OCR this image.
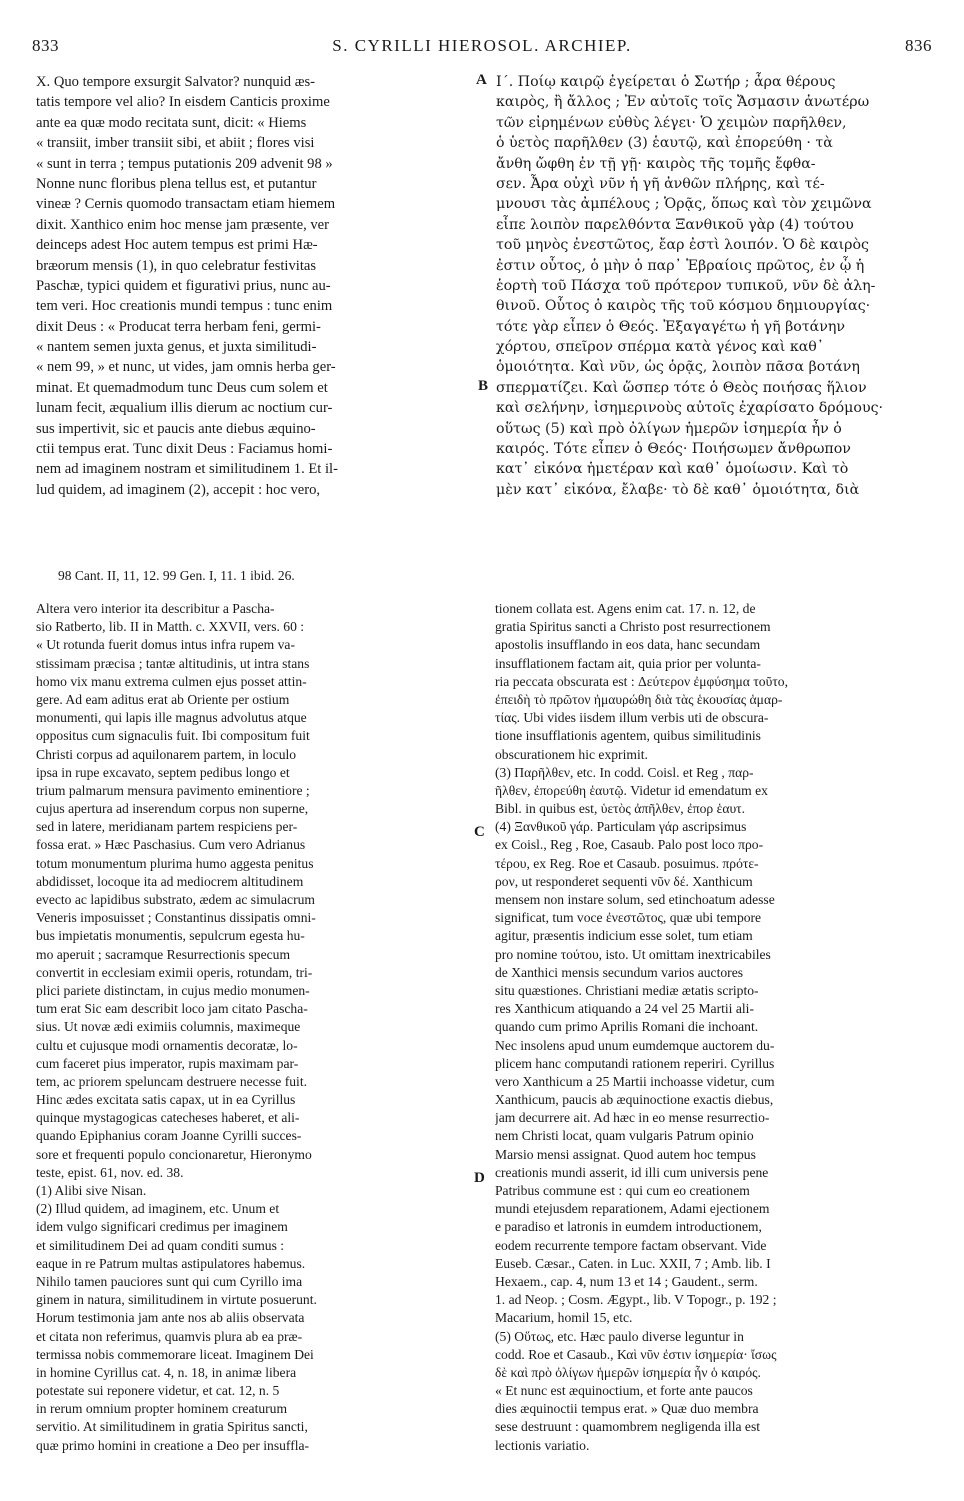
833	S. CYRILLI HIEROSOL. ARCHIEP.	836
A
B
C
D
X. Quo tempore exsurgit Salvator? nunquid æs-
tatis tempore vel alio? In eisdem Canticis proxime
ante ea quæ modo recitata sunt, dicit: « Hiems
« transiit, imber transiit sibi, et abiit ; flores visi
« sunt in terra ; tempus putationis 209 advenit 98 »
Nonne nunc floribus plena tellus est, et putantur
vineæ ? Cernis quomodo transactam etiam hiemem
dixit. Xanthico enim hoc mense jam præsente, ver
deinceps adest Hoc autem tempus est primi Hæ-
bræorum mensis (1), in quo celebratur festivitas
Paschæ, typici quidem et figurativi prius, nunc au-
tem veri. Hoc creationis mundi tempus : tunc enim
dixit Deus : « Producat terra herbam feni, germi-
« nantem semen juxta genus, et juxta similitudi-
« nem 99, » et nunc, ut vides, jam omnis herba ger-
minat. Et quemadmodum tunc Deus cum solem et
lunam fecit, æqualium illis dierum ac noctium cur-
sus impertivit, sic et paucis ante diebus æquino-
ctii tempus erat. Tunc dixit Deus : Faciamus homi-
nem ad imaginem nostram et similitudinem 1. Et il-
lud quidem, ad imaginem (2), accepit : hoc vero,
Ι΄. Ποίῳ καιρῷ ἐγείρεται ὁ Σωτήρ ; ἆρα θέρους
καιρὸς, ἢ ἄλλος ; Ἐν αὐτοῖς τοῖς Ἄσμασιν ἀνωτέρω
τῶν εἰρημένων εὐθὺς λέγει· Ὁ χειμὼν παρῆλθεν,
ὁ ὑετὸς παρῆλθεν (3) ἑαυτῷ, καὶ ἐπορεύθη · τὰ
ἄνθη ὤφθη ἐν τῇ γῇ· καιρὸς τῆς τομῆς ἔφθα-
σεν. Ἆρα οὐχὶ νῦν ἡ γῆ ἀνθῶν πλήρης, καὶ τέ-
μνουσι τὰς ἀμπέλους ; Ὁρᾷς, ὅπως καὶ τὸν χειμῶνα
εἶπε λοιπὸν παρελθόντα Ξανθικοῦ γὰρ (4) τούτου
τοῦ μηνὸς ἐνεστῶτος, ἔαρ ἐστὶ λοιπόν. Ὁ δὲ καιρὸς
ἐστιν οὗτος, ὁ μὴν ὁ παρ᾽ Ἑβραίοις πρῶτος, ἐν ᾧ ἡ
ἑορτὴ τοῦ Πάσχα τοῦ πρότερον τυπικοῦ, νῦν δὲ ἀλη-
θινοῦ. Οὗτος ὁ καιρὸς τῆς τοῦ κόσμου δημιουργίας·
τότε γὰρ εἶπεν ὁ Θεός. Ἐξαγαγέτω ἡ γῆ βοτάνην
χόρτου, σπεῖρον σπέρμα κατὰ γένος καὶ καθ᾽
ὁμοιότητα. Καὶ νῦν, ὡς ὁρᾷς, λοιπὸν πᾶσα βοτάνη
σπερματίζει. Καὶ ὥσπερ τότε ὁ Θεὸς ποιήσας ἥλιον
καὶ σελήνην, ἰσημερινοὺς αὐτοῖς ἐχαρίσατο δρόμους·
οὕτως (5) καὶ πρὸ ὀλίγων ἡμερῶν ἰσημερία ἦν ὁ
καιρός. Τότε εἶπεν ὁ Θεός· Ποιήσωμεν ἄνθρωπον
κατ᾽ εἰκόνα ἡμετέραν καὶ καθ᾽ ὁμοίωσιν. Καὶ τὸ
μὲν κατ᾽ εἰκόνα, ἔλαβε· τὸ δὲ καθ᾽ ὁμοιότητα, διὰ
98 Cant. II, 11, 12. 99 Gen. I, 11. 1 ibid. 26.
Altera vero interior ita describitur a Pascha-
sio Ratberto, lib. II in Matth. c. XXVII, vers. 60 :
« Ut rotunda fuerit domus intus infra rupem va-
stissimam præcisa ; tantæ altitudinis, ut intra stans
homo vix manu extrema culmen ejus posset attin-
gere. Ad eam aditus erat ab Oriente per ostium
monumenti, qui lapis ille magnus advolutus atque
oppositus cum signaculis fuit. Ibi compositum fuit
Christi corpus ad aquilonarem partem, in loculo
ipsa in rupe excavato, septem pedibus longo et
trium palmarum mensura pavimento eminentiore ;
cujus apertura ad inserendum corpus non superne,
sed in latere, meridianam partem respiciens per-
fossa erat. » Hæc Paschasius. Cum vero Adrianus
totum monumentum plurima humo aggesta penitus
abdidisset, locoque ita ad mediocrem altitudinem
evecto ac lapidibus substrato, ædem ac simulacrum
Veneris imposuisset ; Constantinus dissipatis omni-
bus impietatis monumentis, sepulcrum egesta hu-
mo aperuit ; sacramque Resurrectionis specum
convertit in ecclesiam eximii operis, rotundam, tri-
plici pariete distinctam, in cujus medio monumen-
tum erat Sic eam describit loco jam citato Pascha-
sius. Ut novæ ædi eximiis columnis, maximeque
cultu et cujusque modi ornamentis decoratæ, lo-
cum faceret pius imperator, rupis maximam par-
tem, ac priorem speluncam destruere necesse fuit.
Hinc ædes excitata satis capax, ut in ea Cyrillus
quinque mystagogicas catecheses haberet, et ali-
quando Epiphanius coram Joanne Cyrilli succes-
sore et frequenti populo concionaretur, Hieronymo
teste, epist. 61, nov. ed. 38.
(1) Alibi sive Nisan.
(2) Illud quidem, ad imaginem, etc. Unum et
idem vulgo significari credimus per imaginem
et similitudinem Dei ad quam conditi sumus :
eaque in re Patrum multas astipulatores habemus.
Nihilo tamen pauciores sunt qui cum Cyrillo ima
ginem in natura, similitudinem in virtute posuerunt.
Horum testimonia jam ante nos ab aliis observata
et citata non referimus, quamvis plura ab ea præ-
termissa nobis commemorare liceat. Imaginem Dei
in homine Cyrillus cat. 4, n. 18, in animæ libera
potestate sui reponere videtur, et cat. 12, n. 5
in rerum omnium propter hominem creaturum
servitio. At similitudinem in gratia Spiritus sancti,
quæ primo homini in creatione a Deo per insuffla-
tionem collata est. Agens enim cat. 17. n. 12, de
gratia Spiritus sancti a Christo post resurrectionem
apostolis insufflando in eos data, hanc secundam
insufflationem factam ait, quia prior per volunta-
ria peccata obscurata est : Δεύτερον ἐμφύσημα τοῦτο,
ἐπειδὴ τὸ πρῶτον ἠμαυρώθη διὰ τὰς ἑκουσίας ἁμαρ-
τίας. Ubi vides iisdem illum verbis uti de obscura-
tione insufflationis agentem, quibus similitudinis
obscurationem hic exprimit.
(3) Παρῆλθεν, etc. In codd. Coisl. et Reg , παρ-
ῆλθεν, ἐπορεύθη ἑαυτῷ. Videtur id emendatum ex
Bibl. in quibus est, ὑετὸς ἀπῆλθεν, ἐπορ ἑαυτ.
(4) Ξανθικοῦ γάρ. Particulam γάρ ascripsimus
ex Coisl., Reg , Roe, Casaub. Palo post loco προ-
τέρου, ex Reg. Roe et Casaub. posuimus. πρότε-
ρον, ut responderet sequenti νῦν δέ. Xanthicum
mensem non instare solum, sed etinchoatum adesse
significat, tum voce ἐνεστῶτος, quæ ubi tempore
agitur, præsentis indicium esse solet, tum etiam
pro nomine τούτου, isto. Ut omittam inextricabiles
de Xanthici mensis secundum varios auctores
situ quæstiones. Christiani mediæ ætatis scripto-
res Xanthicum atiquando a 24 vel 25 Martii ali-
quando cum primo Aprilis Romani die inchoant.
Nec insolens apud unum eumdemque auctorem du-
plicem hanc computandi rationem reperiri. Cyrillus
vero Xanthicum a 25 Martii inchoasse videtur, cum
Xanthicum, paucis ab æquinoctione exactis diebus,
jam decurrere ait. Ad hæc in eo mense resurrectio-
nem Christi locat, quam vulgaris Patrum opinio
Marsio mensi assignat. Quod autem hoc tempus
creationis mundi asserit, id illi cum universis pene
Patribus commune est : qui cum eo creationem
mundi etejusdem reparationem, Adami ejectionem
e paradiso et latronis in eumdem introductionem,
eodem recurrente tempore factam observant. Vide
Euseb. Cæsar., Caten. in Luc. XXII, 7 ; Amb. lib. I
Hexaem., cap. 4, num 13 et 14 ; Gaudent., serm.
1. ad Neop. ; Cosm. Ægypt., lib. V Topogr., p. 192 ;
Macarium, homil 15, etc.
(5) Οὕτως, etc. Hæc paulo diverse leguntur in
codd. Roe et Casaub., Καὶ νῦν ἐστιν ἰσημερία· ἴσως
δὲ καὶ πρὸ ὀλίγων ἡμερῶν ἰσημερία ἦν ὁ καιρός.
« Et nunc est æquinoctium, et forte ante paucos
dies æquinoctii tempus erat. » Quæ duo membra
sese destruunt : quamombrem negligenda illa est
lectionis variatio.
